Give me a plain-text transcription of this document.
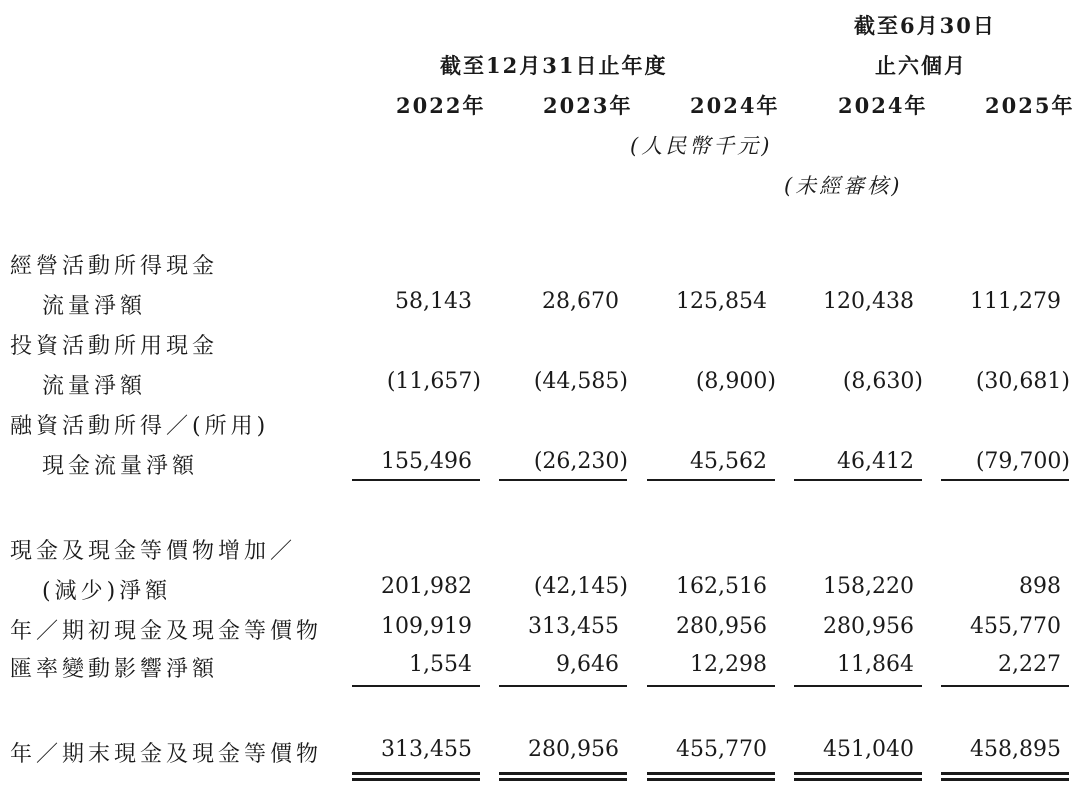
截至6月30日
截至12月31日止年度	止六個月
2022年	2023年	2024年	2024年	2025年
(人民幣千元)
(未經審核)
經營活動所得現金
流量淨額	58,143	28,670	125,854	120,438	111,279
投資活動所用現金
流量淨額	(11,657)	(44,585)	(8,900)	(8,630)	(30,681)
融資活動所得／(所用)
現金流量淨額	155,496	(26,230)	45,562	46,412	(79,700)
現金及現金等價物增加／
(減少)淨額	201,982	(42,145)	162,516	158,220	898
年／期初現金及現金等價物	109,919	313,455	280,956	280,956	455,770
匯率變動影響淨額	1,554	9,646	12,298	11,864	2,227
年／期末現金及現金等價物	313,455	280,956	455,770	451,040	458,895
